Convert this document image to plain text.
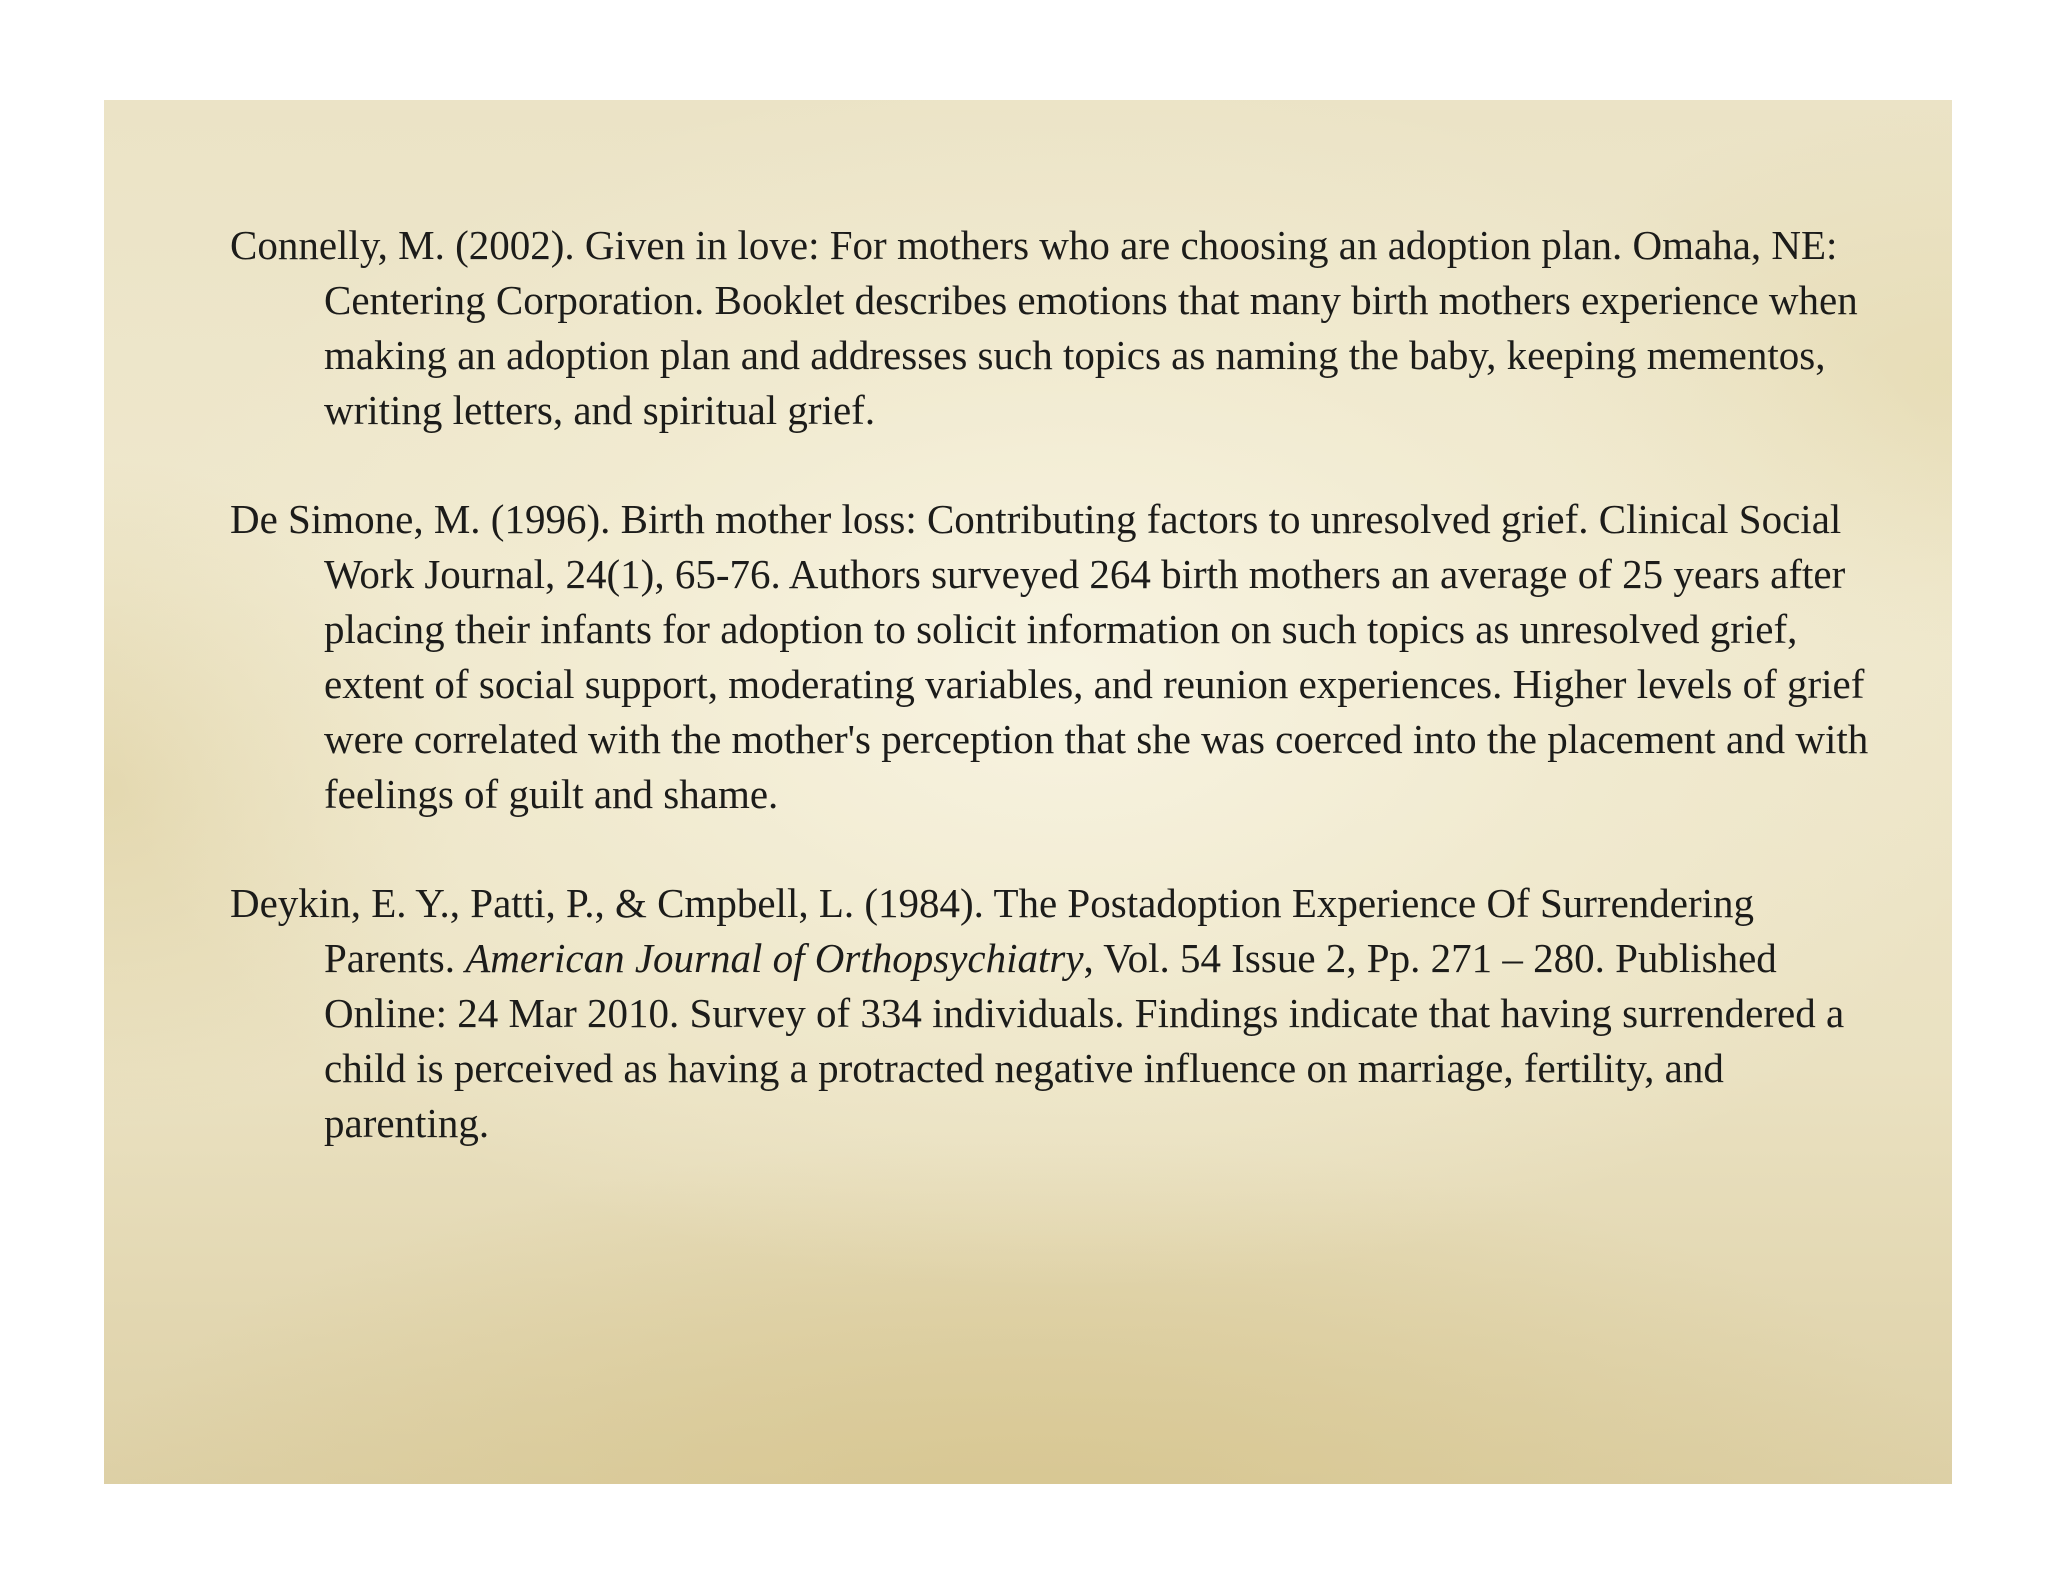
Connelly, M. (2002). Given in love: For mothers who are choosing an adoption plan. Omaha, NE: Centering Corporation. Booklet describes emotions that many birth mothers experience when making an adoption plan and addresses such topics as naming the baby, keeping mementos, writing letters, and spiritual grief.

De Simone, M. (1996). Birth mother loss: Contributing factors to unresolved grief. Clinical Social Work Journal, 24(1), 65-76. Authors surveyed 264 birth mothers an average of 25 years after placing their infants for adoption to solicit information on such topics as unresolved grief, extent of social support, moderating variables, and reunion experiences. Higher levels of grief were correlated with the mother's perception that she was coerced into the placement and with feelings of guilt and shame.

Deykin, E. Y., Patti, P., & Cmpbell, L. (1984). The Postadoption Experience Of Surrendering Parents. American Journal of Orthopsychiatry, Vol. 54 Issue 2, Pp. 271 – 280. Published Online: 24 Mar 2010. Survey of 334 individuals. Findings indicate that having surrendered a child is perceived as having a protracted negative influence on marriage, fertility, and parenting.
